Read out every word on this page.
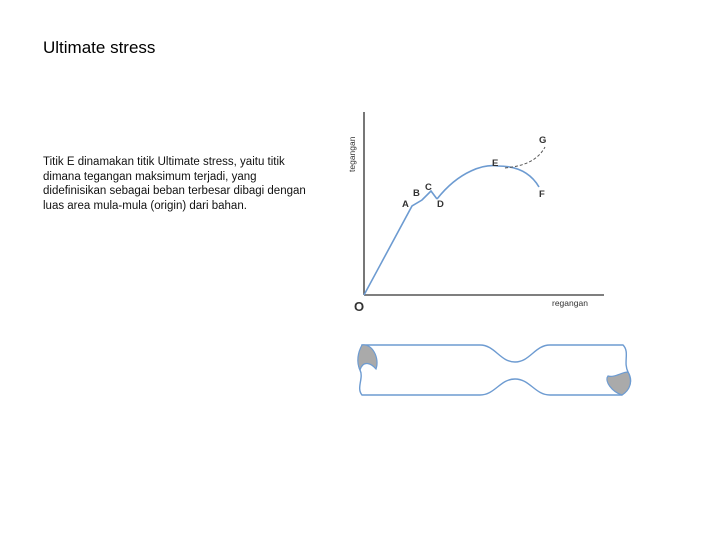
Ultimate stress

Titik E dinamakan titik Ultimate stress, yaitu titik dimana tegangan maksimum terjadi, yang didefinisikan sebagai beban terbesar dibagi dengan luas area mula-mula (origin) dari bahan.

tegangan
regangan
O
A
B
C
D
E
F
G
